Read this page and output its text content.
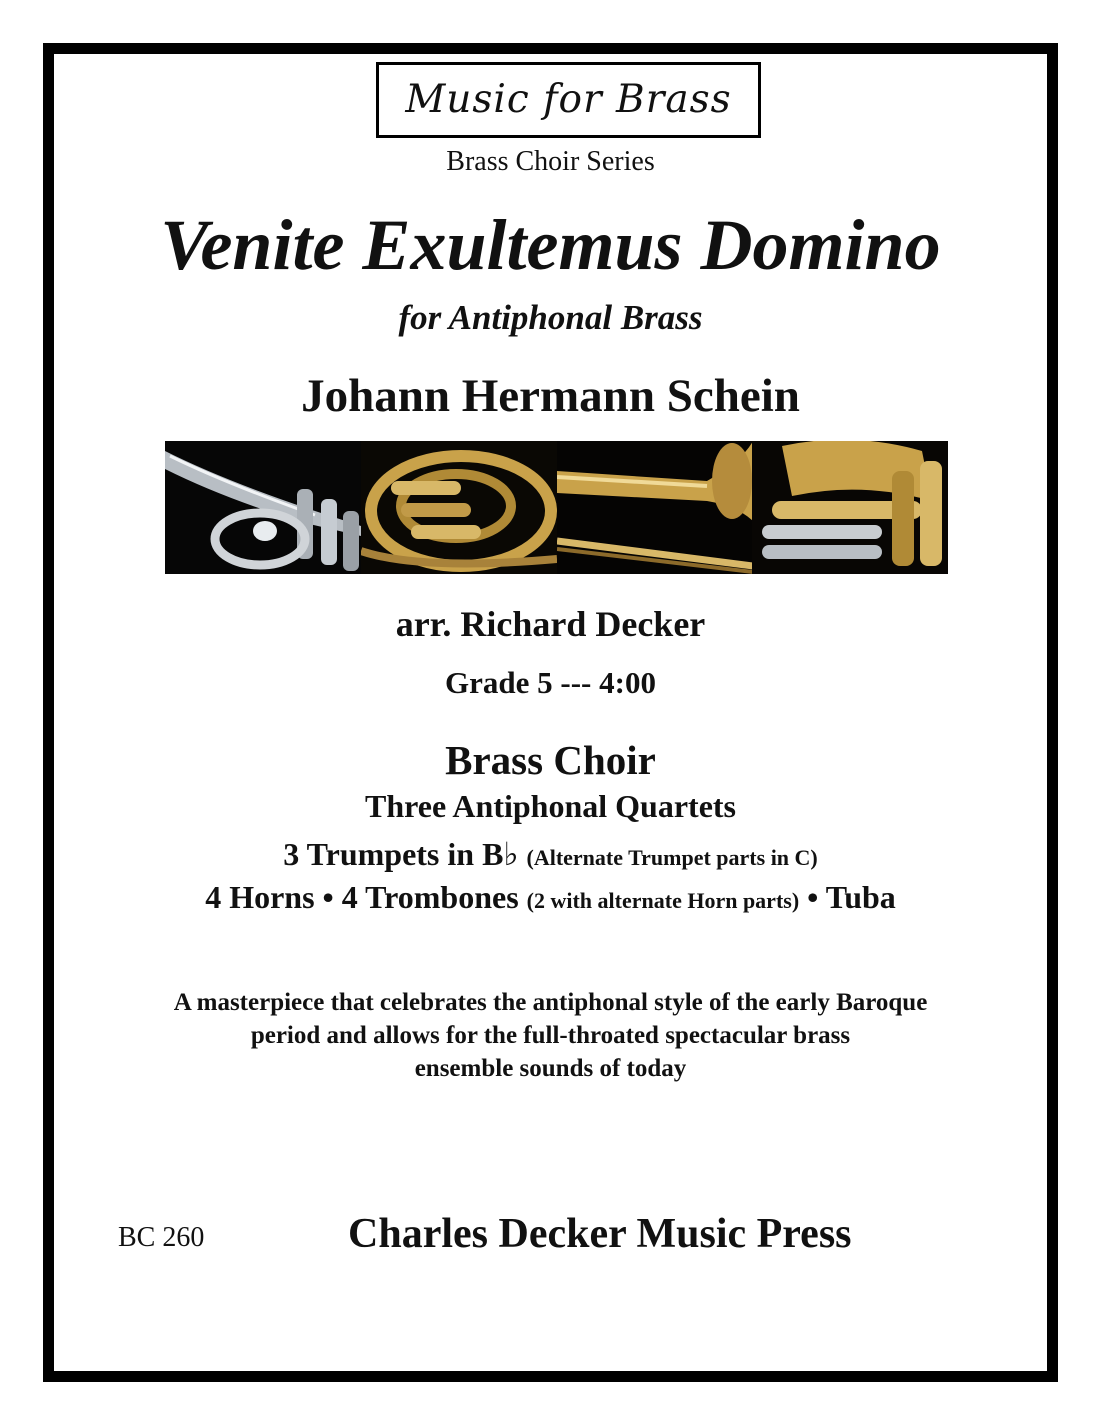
Music for Brass
Brass Choir Series
Venite Exultemus Domino
for Antiphonal Brass
Johann Hermann Schein
arr. Richard Decker
Grade 5 --- 4:00
Brass Choir
Three Antiphonal Quartets
3 Trumpets in B♭ (Alternate Trumpet parts in C)
4 Horns • 4 Trombones (2 with alternate Horn parts) • Tuba
A masterpiece that celebrates the antiphonal style of the early Baroque
period and allows for the full-throated spectacular brass
ensemble sounds of today
BC 260	Charles Decker Music Press
